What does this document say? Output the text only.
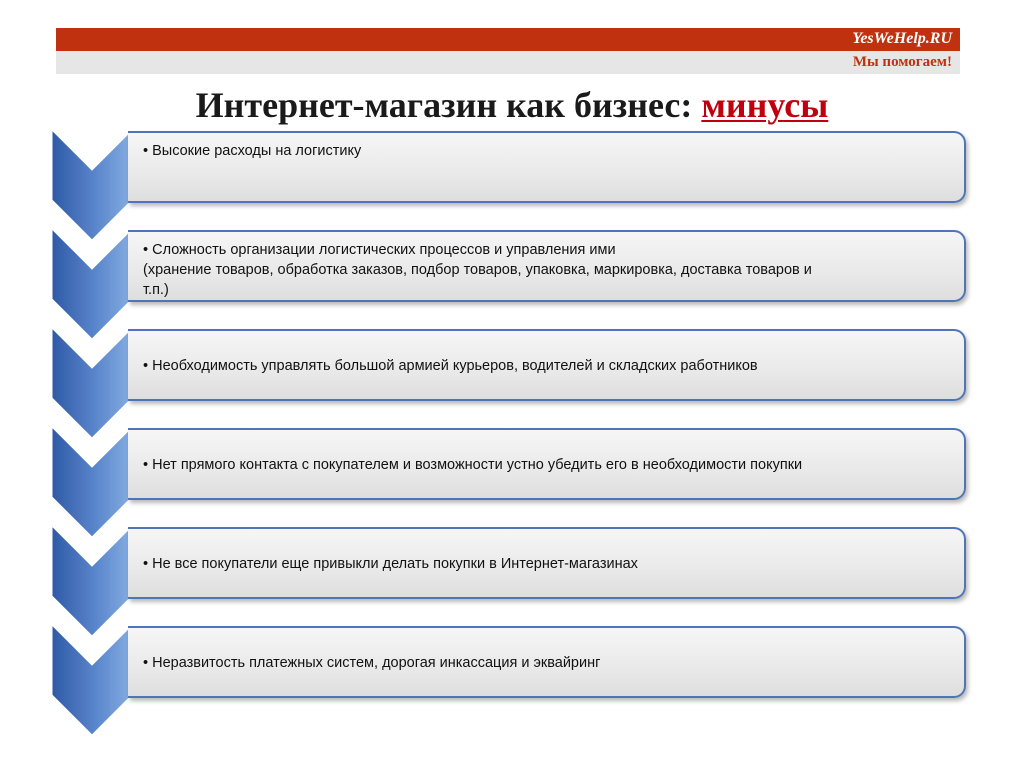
YesWeHelp.RU
Мы помогаем!
Интернет-магазин как бизнес: минусы
• Высокие расходы на логистику
• Сложность организации логистических процессов и управления ими
(хранение товаров, обработка заказов, подбор товаров, упаковка, маркировка, доставка товаров и
т.п.)
• Необходимость управлять большой армией курьеров, водителей и складских работников
• Нет прямого контакта с покупателем и возможности устно убедить его в необходимости покупки
• Не все покупатели еще привыкли делать покупки в Интернет-магазинах
• Неразвитость платежных систем, дорогая инкассация и эквайринг
